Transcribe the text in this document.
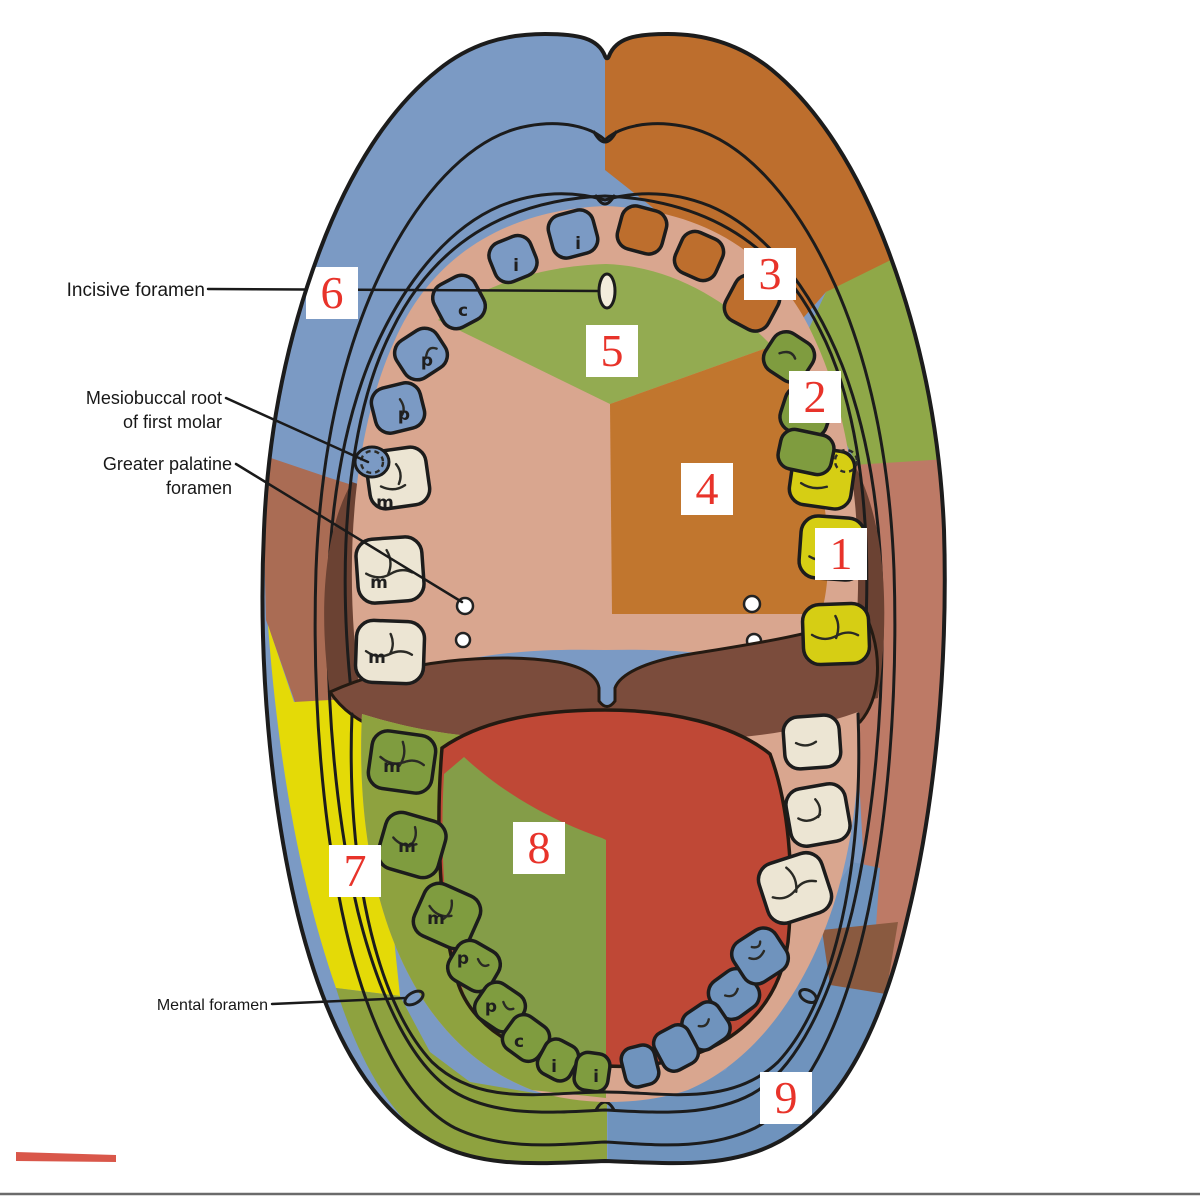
i
i
c
p
p
m
m
m
m
m
m
p
p
c
i i
Incisive foramen
Mesiobuccal root
of first molar
Greater palatine
foramen
Mental foramen
6	3
5
2
4
1
7	8
9
